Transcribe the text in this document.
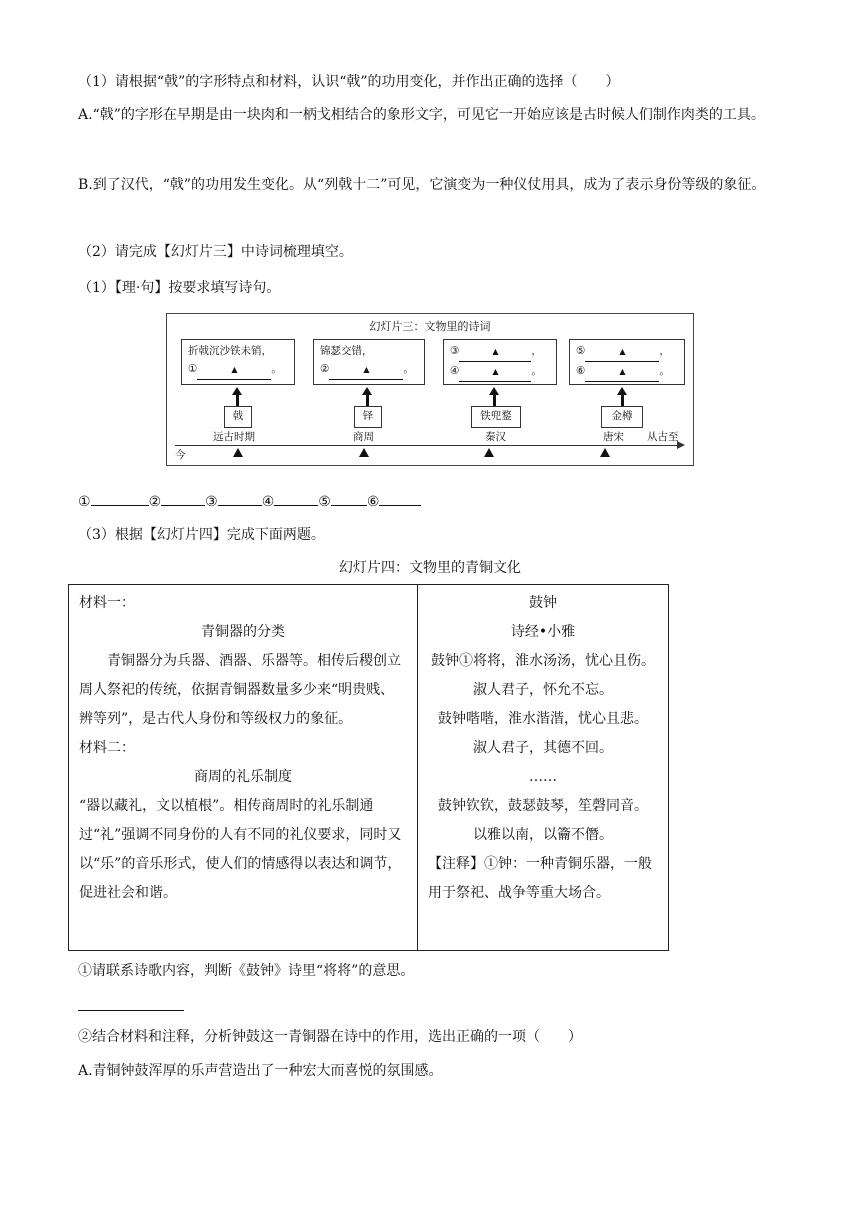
（1）请根据“戟”的字形特点和材料，认识“戟”的功用变化，并作出正确的选择（　　）
A.“戟”的字形在早期是由一块肉和一柄戈相结合的象形文字，可见它一开始应该是古时候人们制作肉类的工具。
B.到了汉代，“戟”的功用发生变化。从“列戟十二”可见，它演变为一种仪仗用具，成为了表示身份等级的象征。
（2）请完成【幻灯片三】中诗词梳理填空。
（1）【理·句】按要求填写诗句。
幻灯片三：文物里的诗词
折戟沉沙铁未销，
①	▲	。
锦瑟交错，
②	▲	。
③	▲	，
④	▲	。
⑤	▲	，
⑥	▲	。
戟	铎	铁兜鍪	金樽
远古时期	商周	秦汉	唐宋 从古至
今
①	②	③	④	⑤	⑥
（3）根据【幻灯片四】完成下面两题。
幻灯片四：文物里的青铜文化
材料一：
青铜器的分类
青铜器分为兵器、酒器、乐器等。相传后稷创立周人祭祀的传统，依据青铜器数量多少来“明贵贱、辨等列”，是古代人身份和等级权力的象征。
材料二：
商周的礼乐制度
“器以藏礼，文以植根”。相传商周时的礼乐制通过“礼”强调不同身份的人有不同的礼仪要求，同时又以“乐”的音乐形式，使人们的情感得以表达和调节，促进社会和谐。

鼓钟
诗经•小雅
鼓钟①将将，淮水汤汤，忧心且伤。
淑人君子，怀允不忘。
鼓钟喈喈，淮水湝湝，忧心且悲。
淑人君子，其德不回。
……
鼓钟钦钦，鼓瑟鼓琴，笙磬同音。
以雅以南，以籥不僭。
【注释】①钟：一种青铜乐器，一般用于祭祀、战争等重大场合。
①请联系诗歌内容，判断《鼓钟》诗里“将将”的意思。
②结合材料和注释，分析钟鼓这一青铜器在诗中的作用，选出正确的一项（　　）
A.青铜钟鼓浑厚的乐声营造出了一种宏大而喜悦的氛围感。
